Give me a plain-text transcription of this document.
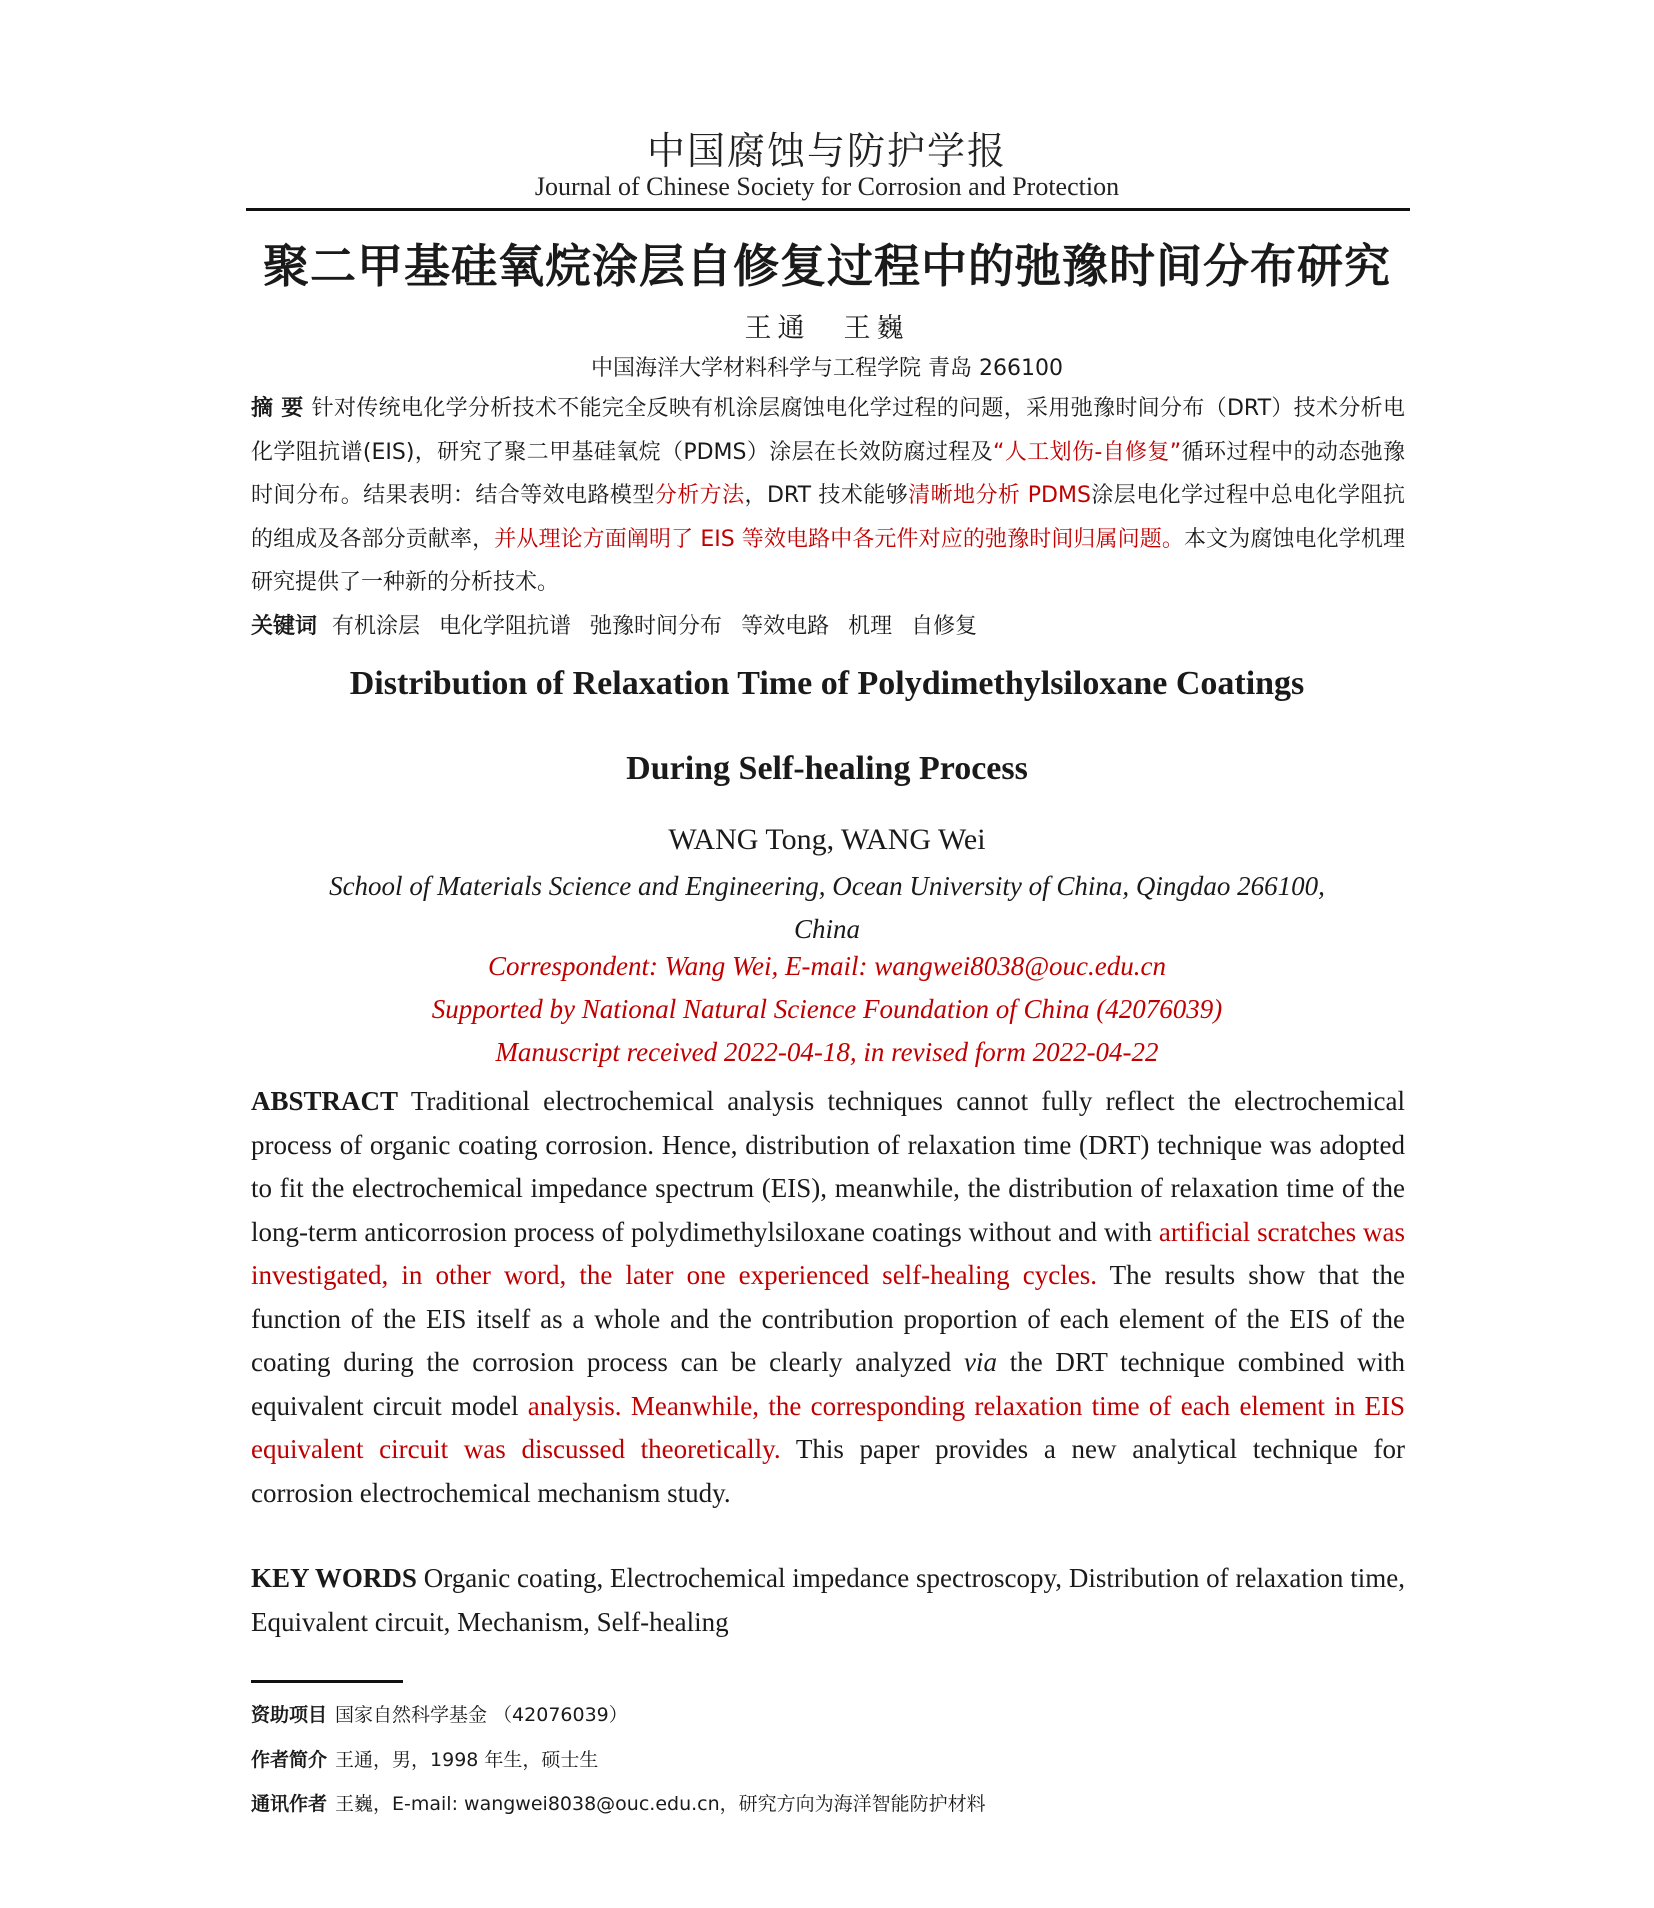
中国腐蚀与防护学报
Journal of Chinese Society for Corrosion and Protection
聚二甲基硅氧烷涂层自修复过程中的弛豫时间分布研究
王通　王巍
中国海洋大学材料科学与工程学院 青岛 266100
摘 要 针对传统电化学分析技术不能完全反映有机涂层腐蚀电化学过程的问题，采用弛豫时间分布（DRT）技术分析电化学阻抗谱(EIS)，研究了聚二甲基硅氧烷（PDMS）涂层在长效防腐过程及“人工划伤-自修复”循环过程中的动态弛豫时间分布。结果表明：结合等效电路模型分析方法，DRT 技术能够清晰地分析 PDMS涂层电化学过程中总电化学阻抗的组成及各部分贡献率，并从理论方面阐明了 EIS 等效电路中各元件对应的弛豫时间归属问题。本文为腐蚀电化学机理研究提供了一种新的分析技术。
关键词 有机涂层 电化学阻抗谱 弛豫时间分布 等效电路 机理 自修复
Distribution of Relaxation Time of Polydimethylsiloxane Coatings
During Self-healing Process
WANG Tong, WANG Wei
School of Materials Science and Engineering, Ocean University of China, Qingdao 266100,
China
Correspondent: Wang Wei, E-mail: wangwei8038@ouc.edu.cn
Supported by National Natural Science Foundation of China (42076039)
Manuscript received 2022-04-18, in revised form 2022-04-22
ABSTRACT Traditional electrochemical analysis techniques cannot fully reflect the electrochemical process of organic coating corrosion. Hence, distribution of relaxation time (DRT) technique was adopted to fit the electrochemical impedance spectrum (EIS), meanwhile, the distribution of relaxation time of the long-term anticorrosion process of polydimethylsiloxane coatings without and with artificial scratches was investigated, in other word, the later one experienced self-healing cycles. The results show that the function of the EIS itself as a whole and the contribution proportion of each element of the EIS of the coating during the corrosion process can be clearly analyzed via the DRT technique combined with equivalent circuit model analysis. Meanwhile, the corresponding relaxation time of each element in EIS equivalent circuit was discussed theoretically. This paper provides a new analytical technique for corrosion electrochemical mechanism study.
KEY WORDS Organic coating, Electrochemical impedance spectroscopy, Distribution of relaxation time, Equivalent circuit, Mechanism, Self-healing
资助项目 国家自然科学基金 （42076039）
作者简介 王通，男，1998 年生，硕士生
通讯作者 王巍，E-mail: wangwei8038@ouc.edu.cn，研究方向为海洋智能防护材料
